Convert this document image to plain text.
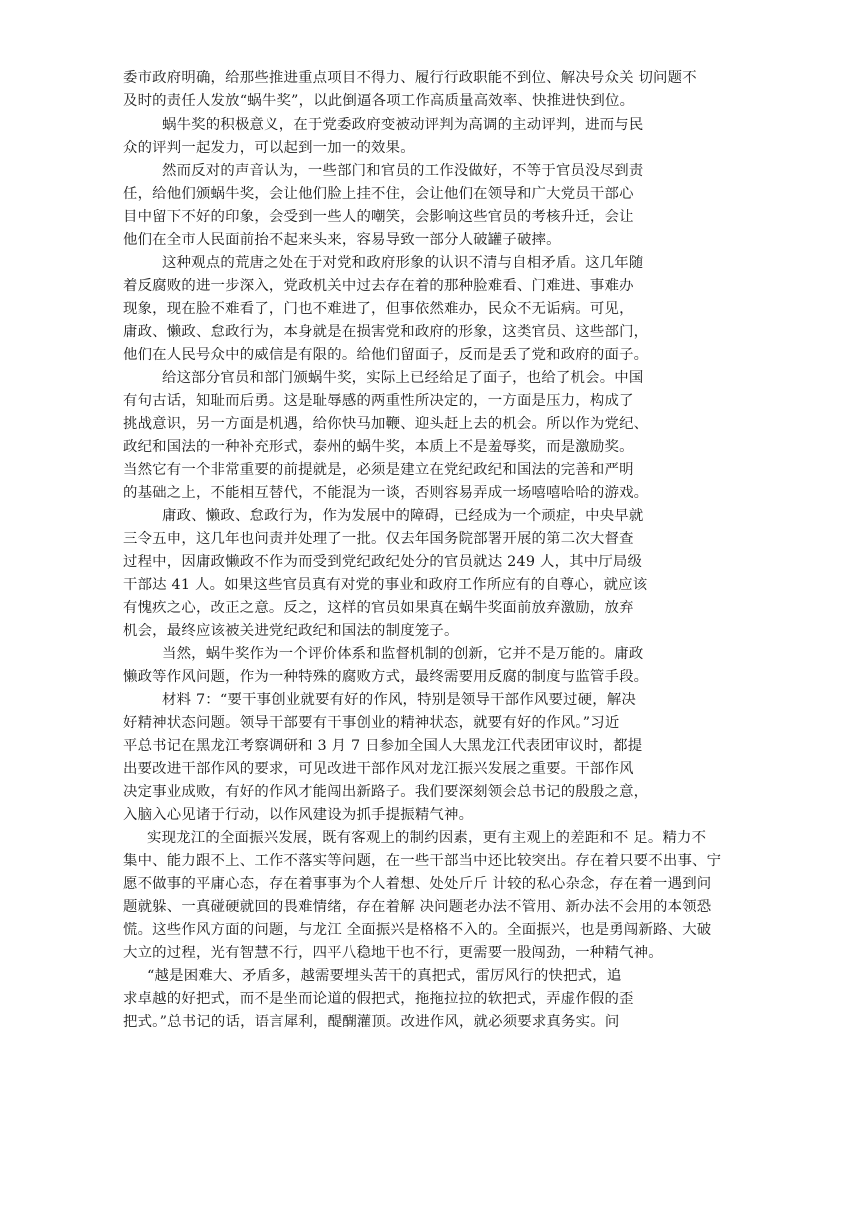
委市政府明确，给那些推进重点项目不得力、履行行政职能不到位、解决号众关 切问题不
及时的责任人发放“蜗牛奖”，以此倒逼各项工作高质量高效率、快推进快到位。
蜗牛奖的积极意义，在于党委政府变被动评判为高调的主动评判，进而与民
众的评判一起发力，可以起到一加一的效果。
然而反对的声音认为，一些部门和官员的工作没做好，不等于官员没尽到责
任，给他们颁蜗牛奖，会让他们脸上挂不住，会让他们在领导和广大党员干部心
目中留下不好的印象，会受到一些人的嘲笑，会影响这些官员的考核升迁，会让
他们在全市人民面前抬不起来头来，容易导致一部分人破罐子破摔。
这种观点的荒唐之处在于对党和政府形象的认识不清与自相矛盾。这几年随
着反腐败的进一步深入，党政机关中过去存在着的那种脸难看、门难进、事难办
现象，现在脸不难看了，门也不难进了，但事依然难办，民众不无诟病。可见，
庸政、懒政、怠政行为，本身就是在损害党和政府的形象，这类官员、这些部门，
他们在人民号众中的威信是有限的。给他们留面子，反而是丢了党和政府的面子。
给这部分官员和部门颁蜗牛奖，实际上已经给足了面子，也给了机会。中国
有句古话，知耻而后勇。这是耻辱感的两重性所决定的，一方面是压力，构成了
挑战意识，另一方面是机遇，给你快马加鞭、迎头赶上去的机会。所以作为党纪、
政纪和国法的一种补充形式，泰州的蜗牛奖，本质上不是羞辱奖，而是激励奖。
当然它有一个非常重要的前提就是，必须是建立在党纪政纪和国法的完善和严明
的基础之上，不能相互替代，不能混为一谈，否则容易弄成一场嘻嘻哈哈的游戏。
庸政、懒政、怠政行为，作为发展中的障碍，已经成为一个顽症，中央早就
三令五申，这几年也问责并处理了一批。仅去年国务院部署开展的第二次大督查
过程中，因庸政懒政不作为而受到党纪政纪处分的官员就达 249 人，其中厅局级
干部达 41 人。如果这些官员真有对党的事业和政府工作所应有的自尊心，就应该
有愧疚之心，改正之意。反之，这样的官员如果真在蜗牛奖面前放弃激励，放弃
机会，最终应该被关进党纪政纪和国法的制度笼子。
当然，蜗牛奖作为一个评价体系和监督机制的创新，它并不是万能的。庸政
懒政等作风问题，作为一种特殊的腐败方式，最终需要用反腐的制度与监管手段。
材料 7：“要干事创业就要有好的作风，特别是领导干部作风要过硬，解决
好精神状态问题。领导干部要有干事创业的精神状态，就要有好的作风。”习近
平总书记在黑龙江考察调研和 3 月 7 日参加全国人大黑龙江代表团审议时，都提
出要改进干部作风的要求，可见改进干部作风对龙江振兴发展之重要。干部作风
决定事业成败，有好的作风才能闯出新路子。我们要深刻领会总书记的殷殷之意，
入脑入心见诸于行动，以作风建设为抓手提振精气神。
实现龙江的全面振兴发展，既有客观上的制约因素，更有主观上的差距和不 足。精力不
集中、能力跟不上、工作不落实等问题，在一些干部当中还比较突出。存在着只要不出事、宁
愿不做事的平庸心态，存在着事事为个人着想、处处斤斤 计较的私心杂念，存在着一遇到问
题就躲、一真碰硬就回的畏难情绪，存在着解 决问题老办法不管用、新办法不会用的本领恐
慌。这些作风方面的问题，与龙江 全面振兴是格格不入的。全面振兴，也是勇闯新路、大破
大立的过程，光有智慧不行，四平八稳地干也不行，更需要一股闯劲，一种精气神。
“越是困难大、矛盾多，越需要埋头苦干的真把式，雷厉风行的快把式，追
求卓越的好把式，而不是坐而论道的假把式，拖拖拉拉的软把式，弄虚作假的歪
把式。”总书记的话，语言犀利，醍醐灌顶。改进作风，就必须要求真务实。问
